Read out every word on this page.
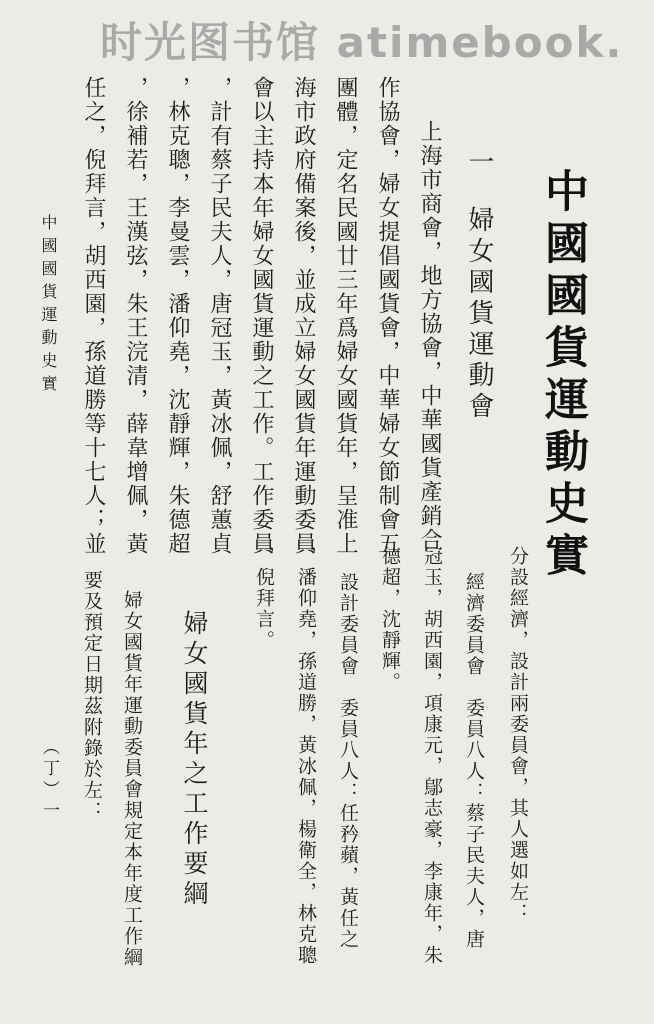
时光图书馆 atimebook.
中國國貨運動史實
一
婦女國貨運動會
上海市商會，地方協會，中華國貨產銷合
作協會，婦女提倡國貨會，中華婦女節制會五
團體，定名民國廿三年爲婦女國貨年，呈准上
海市政府備案後，並成立婦女國貨年運動委員
會以主持本年婦女國貨運動之工作。工作委員
，計有蔡子民夫人，唐冠玉，黃冰佩，舒蕙貞
，林克聰，李曼雲，潘仰堯，沈靜輝，朱德超
，徐補若，王漢弦，朱王浣清，薛韋增佩，黃
任之，倪拜言，胡西園，孫道勝等十七人；並
分設經濟，設計兩委員會，其人選如左：
經濟委員會　委員八人：蔡子民夫人，唐
冠玉，胡西園，項康元，鄔志豪，李康年，朱
德超，沈靜輝。
設計委員會　委員八人：任矜蘋，黃任之
，潘仰堯，孫道勝，黃冰佩，楊衛全，林克聰
，倪拜言。
婦女國貨年之工作要綱
婦女國貨年運動委員會規定本年度工作綱
要及預定日期茲附錄於左：
中國國貨運動史實
（丁）一
